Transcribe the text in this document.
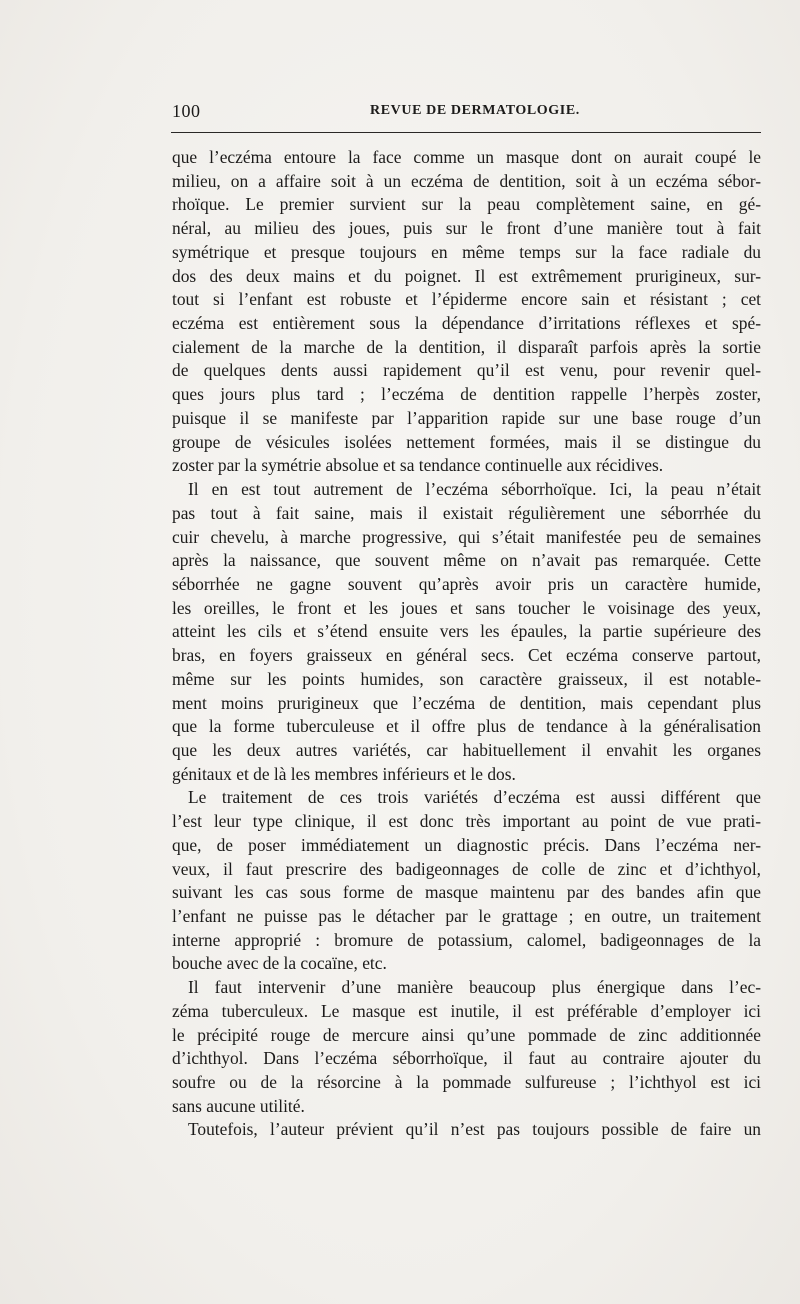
100	REVUE DE DERMATOLOGIE.
que l’eczéma entoure la face comme un masque dont on aurait coupé le
milieu, on a affaire soit à un eczéma de dentition, soit à un eczéma sébor-
rhoïque. Le premier survient sur la peau complètement saine, en gé-
néral, au milieu des joues, puis sur le front d’une manière tout à fait
symétrique et presque toujours en même temps sur la face radiale du
dos des deux mains et du poignet. Il est extrêmement prurigineux, sur-
tout si l’enfant est robuste et l’épiderme encore sain et résistant ; cet
eczéma est entièrement sous la dépendance d’irritations réflexes et spé-
cialement de la marche de la dentition, il disparaît parfois après la sortie
de quelques dents aussi rapidement qu’il est venu, pour revenir quel-
ques jours plus tard ; l’eczéma de dentition rappelle l’herpès zoster,
puisque il se manifeste par l’apparition rapide sur une base rouge d’un
groupe de vésicules isolées nettement formées, mais il se distingue du
zoster par la symétrie absolue et sa tendance continuelle aux récidives.
Il en est tout autrement de l’eczéma séborrhoïque. Ici, la peau n’était
pas tout à fait saine, mais il existait régulièrement une séborrhée du
cuir chevelu, à marche progressive, qui s’était manifestée peu de semaines
après la naissance, que souvent même on n’avait pas remarquée. Cette
séborrhée ne gagne souvent qu’après avoir pris un caractère humide,
les oreilles, le front et les joues et sans toucher le voisinage des yeux,
atteint les cils et s’étend ensuite vers les épaules, la partie supérieure des
bras, en foyers graisseux en général secs. Cet eczéma conserve partout,
même sur les points humides, son caractère graisseux, il est notable-
ment moins prurigineux que l’eczéma de dentition, mais cependant plus
que la forme tuberculeuse et il offre plus de tendance à la généralisation
que les deux autres variétés, car habituellement il envahit les organes
génitaux et de là les membres inférieurs et le dos.
Le traitement de ces trois variétés d’eczéma est aussi différent que
l’est leur type clinique, il est donc très important au point de vue prati-
que, de poser immédiatement un diagnostic précis. Dans l’eczéma ner-
veux, il faut prescrire des badigeonnages de colle de zinc et d’ichthyol,
suivant les cas sous forme de masque maintenu par des bandes afin que
l’enfant ne puisse pas le détacher par le grattage ; en outre, un traitement
interne approprié : bromure de potassium, calomel, badigeonnages de la
bouche avec de la cocaïne, etc.
Il faut intervenir d’une manière beaucoup plus énergique dans l’ec-
zéma tuberculeux. Le masque est inutile, il est préférable d’employer ici
le précipité rouge de mercure ainsi qu’une pommade de zinc additionnée
d’ichthyol. Dans l’eczéma séborrhoïque, il faut au contraire ajouter du
soufre ou de la résorcine à la pommade sulfureuse ; l’ichthyol est ici
sans aucune utilité.
Toutefois, l’auteur prévient qu’il n’est pas toujours possible de faire un
